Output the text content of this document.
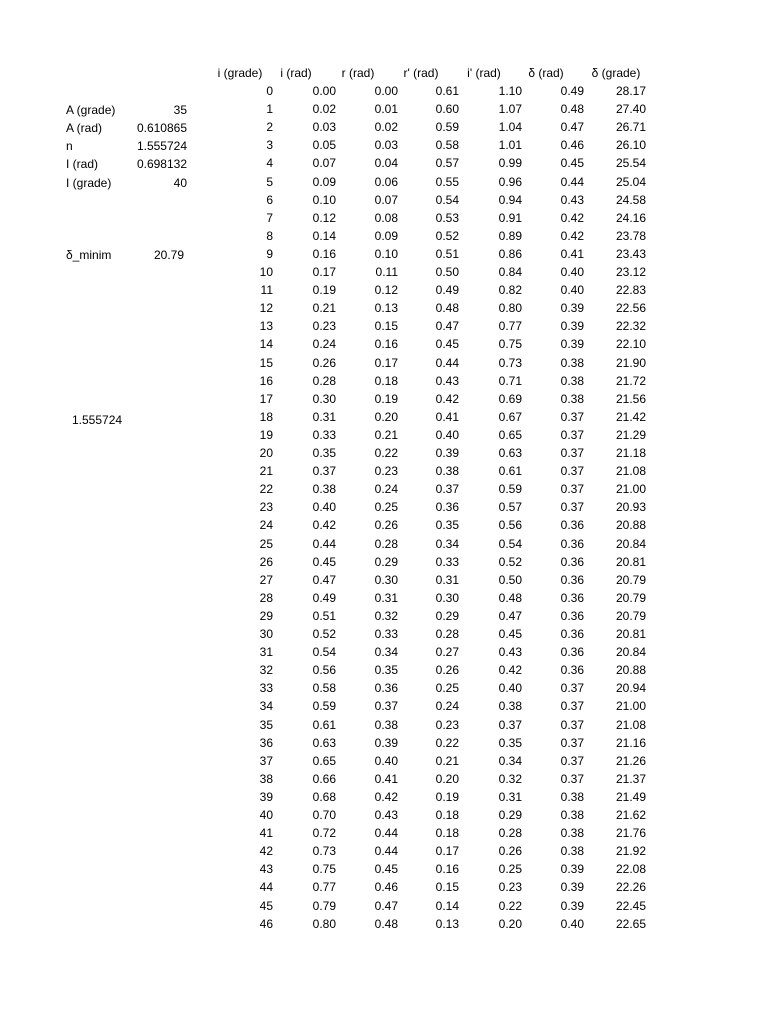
A (grade)	35
A (rad)	0.610865
n	1.555724
I (rad)	0.698132
I (grade)	40
δ_minim	20.79
1.555724
i (grade)	i (rad)	r (rad)	r' (rad)	i' (rad)	δ (rad)	δ (grade)
0	0.00	0.00	0.61	1.10	0.49	28.17
1	0.02	0.01	0.60	1.07	0.48	27.40
2	0.03	0.02	0.59	1.04	0.47	26.71
3	0.05	0.03	0.58	1.01	0.46	26.10
4	0.07	0.04	0.57	0.99	0.45	25.54
5	0.09	0.06	0.55	0.96	0.44	25.04
6	0.10	0.07	0.54	0.94	0.43	24.58
7	0.12	0.08	0.53	0.91	0.42	24.16
8	0.14	0.09	0.52	0.89	0.42	23.78
9	0.16	0.10	0.51	0.86	0.41	23.43
10	0.17	0.11	0.50	0.84	0.40	23.12
11	0.19	0.12	0.49	0.82	0.40	22.83
12	0.21	0.13	0.48	0.80	0.39	22.56
13	0.23	0.15	0.47	0.77	0.39	22.32
14	0.24	0.16	0.45	0.75	0.39	22.10
15	0.26	0.17	0.44	0.73	0.38	21.90
16	0.28	0.18	0.43	0.71	0.38	21.72
17	0.30	0.19	0.42	0.69	0.38	21.56
18	0.31	0.20	0.41	0.67	0.37	21.42
19	0.33	0.21	0.40	0.65	0.37	21.29
20	0.35	0.22	0.39	0.63	0.37	21.18
21	0.37	0.23	0.38	0.61	0.37	21.08
22	0.38	0.24	0.37	0.59	0.37	21.00
23	0.40	0.25	0.36	0.57	0.37	20.93
24	0.42	0.26	0.35	0.56	0.36	20.88
25	0.44	0.28	0.34	0.54	0.36	20.84
26	0.45	0.29	0.33	0.52	0.36	20.81
27	0.47	0.30	0.31	0.50	0.36	20.79
28	0.49	0.31	0.30	0.48	0.36	20.79
29	0.51	0.32	0.29	0.47	0.36	20.79
30	0.52	0.33	0.28	0.45	0.36	20.81
31	0.54	0.34	0.27	0.43	0.36	20.84
32	0.56	0.35	0.26	0.42	0.36	20.88
33	0.58	0.36	0.25	0.40	0.37	20.94
34	0.59	0.37	0.24	0.38	0.37	21.00
35	0.61	0.38	0.23	0.37	0.37	21.08
36	0.63	0.39	0.22	0.35	0.37	21.16
37	0.65	0.40	0.21	0.34	0.37	21.26
38	0.66	0.41	0.20	0.32	0.37	21.37
39	0.68	0.42	0.19	0.31	0.38	21.49
40	0.70	0.43	0.18	0.29	0.38	21.62
41	0.72	0.44	0.18	0.28	0.38	21.76
42	0.73	0.44	0.17	0.26	0.38	21.92
43	0.75	0.45	0.16	0.25	0.39	22.08
44	0.77	0.46	0.15	0.23	0.39	22.26
45	0.79	0.47	0.14	0.22	0.39	22.45
46	0.80	0.48	0.13	0.20	0.40	22.65
